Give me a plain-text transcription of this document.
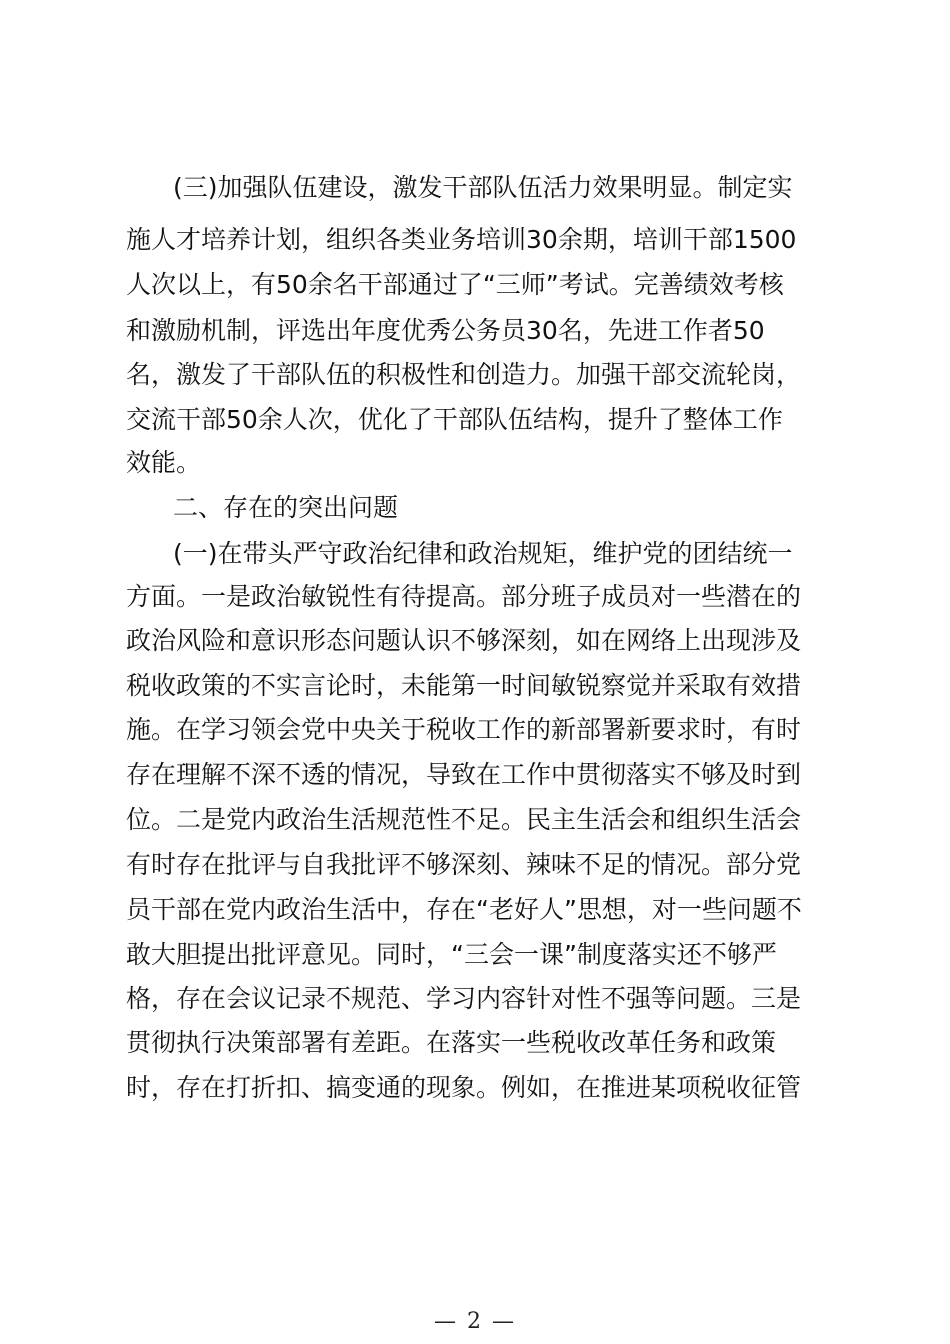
(三)加强队伍建设，激发干部队伍活力效果明显。制定实
施人才培养计划，组织各类业务培训30余期，培训干部1500
人次以上，有50余名干部通过了“三师”考试。完善绩效考核
和激励机制，评选出年度优秀公务员30名，先进工作者50
名，激发了干部队伍的积极性和创造力。加强干部交流轮岗，
交流干部50余人次，优化了干部队伍结构，提升了整体工作
效能。
二、存在的突出问题
(一)在带头严守政治纪律和政治规矩，维护党的团结统一
方面。一是政治敏锐性有待提高。部分班子成员对一些潜在的
政治风险和意识形态问题认识不够深刻，如在网络上出现涉及
税收政策的不实言论时，未能第一时间敏锐察觉并采取有效措
施。在学习领会党中央关于税收工作的新部署新要求时，有时
存在理解不深不透的情况，导致在工作中贯彻落实不够及时到
位。二是党内政治生活规范性不足。民主生活会和组织生活会
有时存在批评与自我批评不够深刻、辣味不足的情况。部分党
员干部在党内政治生活中，存在“老好人”思想，对一些问题不
敢大胆提出批评意见。同时，“三会一课”制度落实还不够严
格，存在会议记录不规范、学习内容针对性不强等问题。三是
贯彻执行决策部署有差距。在落实一些税收改革任务和政策
时，存在打折扣、搞变通的现象。例如，在推进某项税收征管
— 2 —
